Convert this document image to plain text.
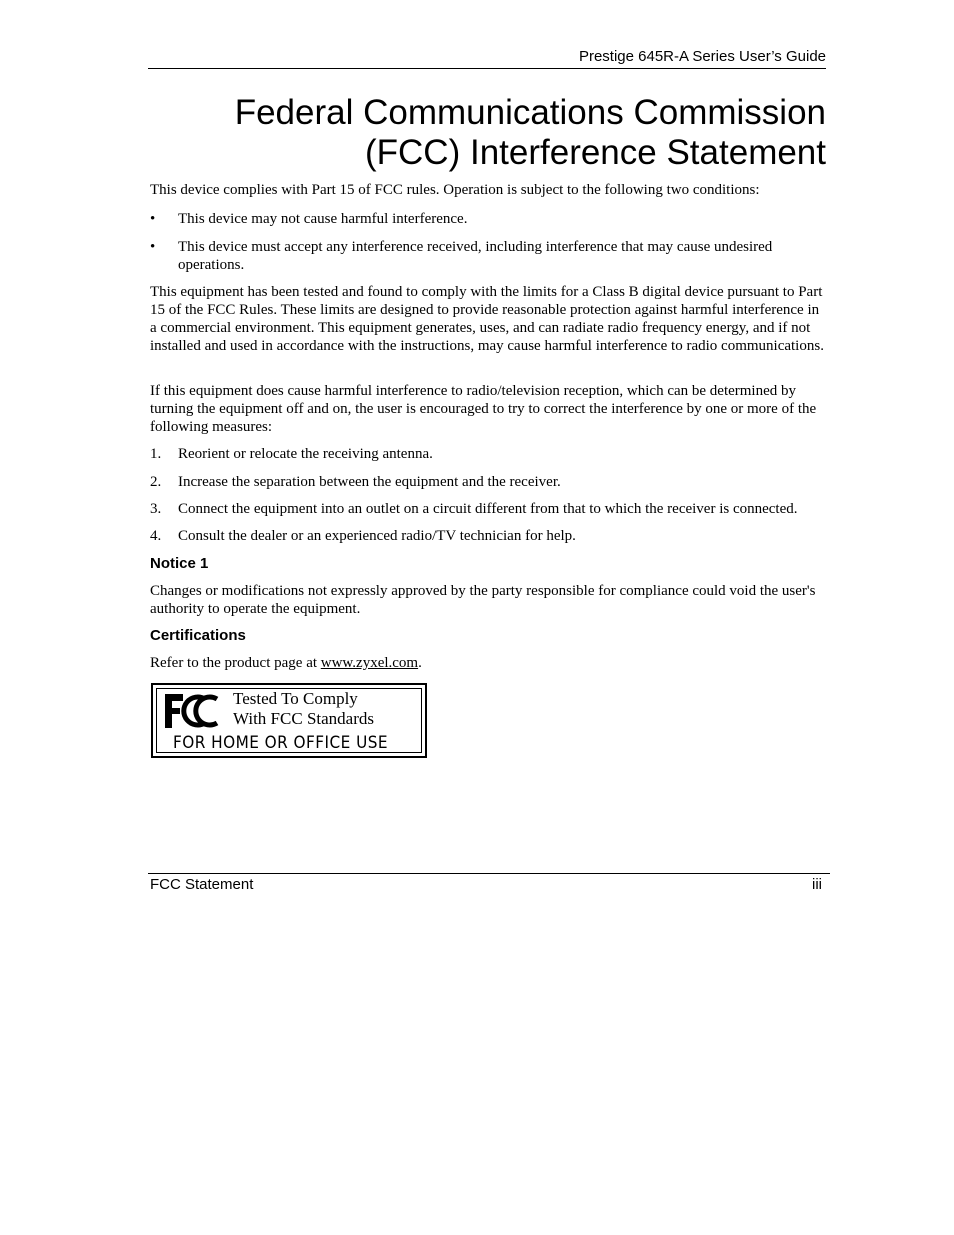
Prestige 645R-A Series User’s Guide
Federal Communications Commission
(FCC) Interference Statement

This device complies with Part 15 of FCC rules. Operation is subject to the following two conditions:

•	This device may not cause harmful interference.
•	This device must accept any interference received, including interference that may cause undesired operations.

This equipment has been tested and found to comply with the limits for a Class B digital device pursuant to Part 15 of the FCC Rules. These limits are designed to provide reasonable protection against harmful interference in a commercial environment. This equipment generates, uses, and can radiate radio frequency energy, and if not installed and used in accordance with the instructions, may cause harmful interference to radio communications.

If this equipment does cause harmful interference to radio/television reception, which can be determined by turning the equipment off and on, the user is encouraged to try to correct the interference by one or more of the following measures:

1.	Reorient or relocate the receiving antenna.
2.	Increase the separation between the equipment and the receiver.
3.	Connect the equipment into an outlet on a circuit different from that to which the receiver is connected.
4.	Consult the dealer or an experienced radio/TV technician for help.
Notice 1

Changes or modifications not expressly approved by the party responsible for compliance could void the user's authority to operate the equipment.

Certifications

Refer to the product page at www.zyxel.com.

Tested To Comply
With FCC Standards
FOR HOME OR OFFICE USE
FCC Statement	iii
